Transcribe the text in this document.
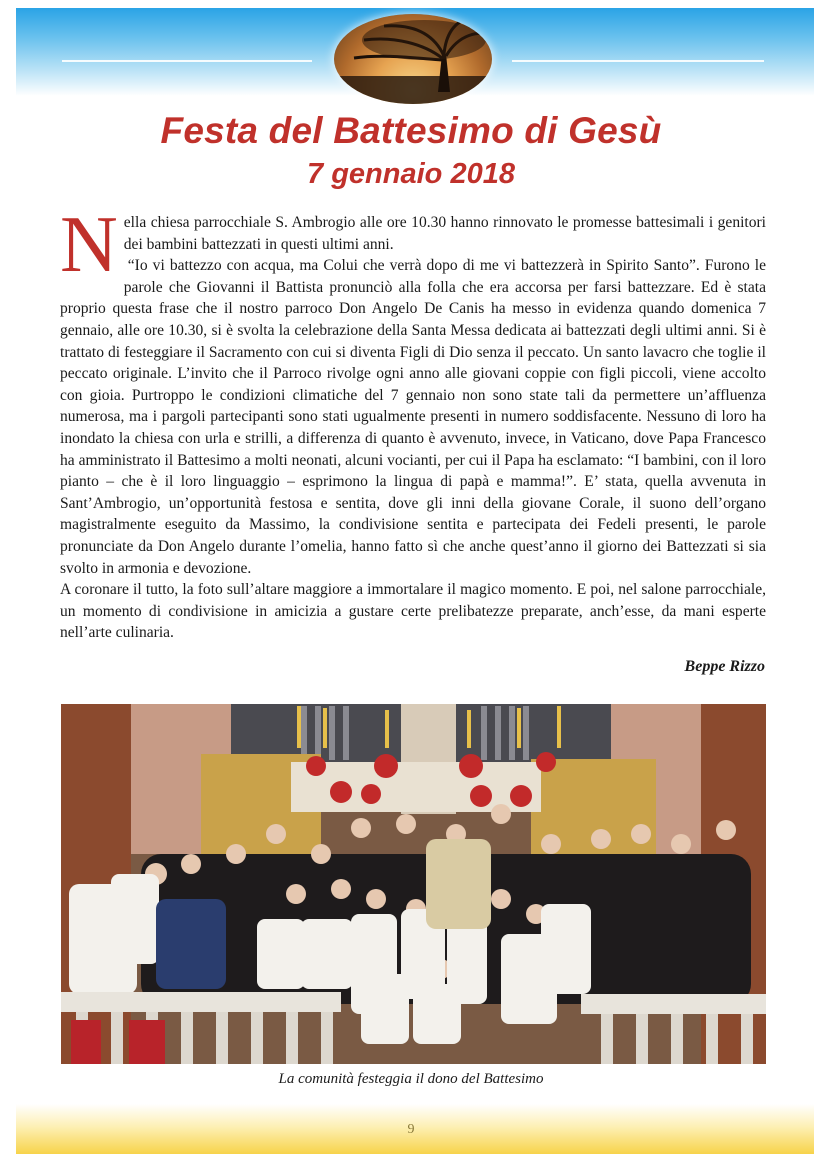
Festa del Battesimo di Gesù
7 gennaio 2018

Nella chiesa parrocchiale S. Ambrogio alle ore 10.30 hanno rinnovato le promesse battesimali i genitori dei bambini battezzati in questi ultimi anni.

“Io vi battezzo con acqua, ma Colui che verrà dopo di me vi battezzerà in Spirito Santo”. Furono le parole che Giovanni il Battista pronunciò alla folla che era accorsa per farsi battezzare. Ed è stata proprio questa frase che il nostro parroco Don Angelo De Canis ha messo in evidenza quando domenica 7 gennaio, alle ore 10.30, si è svolta la celebrazione della Santa Messa dedicata ai battezzati degli ultimi anni. Si è trattato di festeggiare il Sacramento con cui si diventa Figli di Dio senza il peccato. Un santo lavacro che toglie il peccato originale. L’invito che il Parroco rivolge ogni anno alle giovani coppie con figli piccoli, viene accolto con gioia. Purtroppo le condizioni climatiche del 7 gennaio non sono state tali da permettere un’affluenza numerosa, ma i pargoli partecipanti sono stati ugualmente presenti in numero soddisfacente. Nessuno di loro ha inondato la chiesa con urla e strilli, a differenza di quanto è avvenuto, invece, in Vaticano, dove Papa Francesco ha amministrato il Battesimo a molti neonati, alcuni vocianti, per cui il Papa ha esclamato: “I bambini, con il loro pianto – che è il loro linguaggio – esprimono la lingua di papà e mamma!”. E’ stata, quella avvenuta in Sant’Ambrogio, un’opportunità festosa e sentita, dove gli inni della giovane Corale, il suono dell’organo magistralmente eseguito da Massimo, la condivisione sentita e partecipata dei Fedeli presenti, le parole pronunciate da Don Angelo durante l’omelia, hanno fatto sì che anche quest’anno il giorno dei Battezzati si sia svolto in armonia e devozione.

A coronare il tutto, la foto sull’altare maggiore a immortalare il magico momento. E poi, nel salone parrocchiale, un momento di condivisione in amicizia a gustare certe prelibatezze preparate, anch’esse, da mani esperte nell’arte culinaria.

Beppe Rizzo
La comunità festeggia il dono del Battesimo
9
